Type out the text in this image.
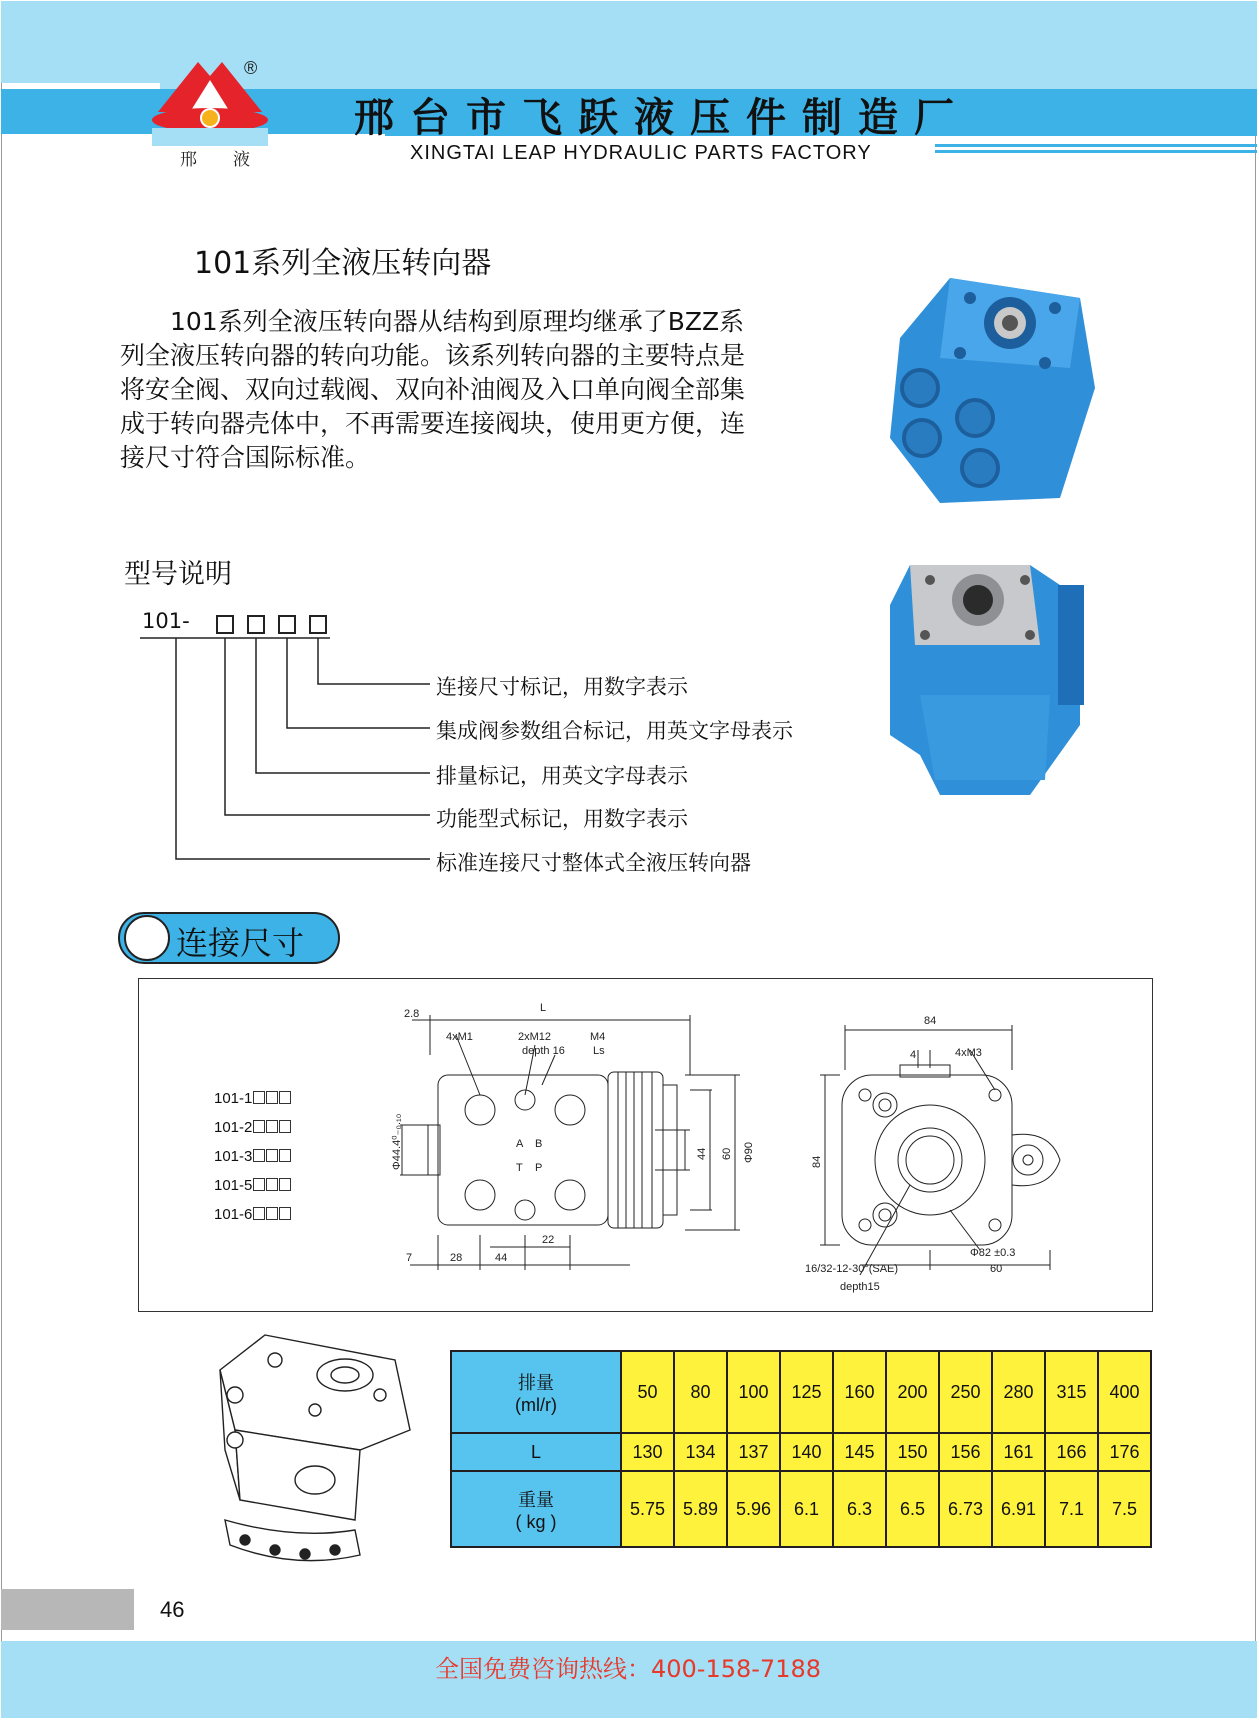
®
邢液
邢台市飞跃液压件制造厂
XINGTAI LEAP HYDRAULIC PARTS FACTORY
101系列全液压转向器

　　101系列全液压转向器从结构到原理均继承了BZZ系

列全液压转向器的转向功能。该系列转向器的主要特点是

将安全阀、双向过载阀、双向补油阀及入口单向阀全部集

成于转向器壳体中，不再需要连接阀块，使用更方便，连

接尺寸符合国际标准。

型号说明
101-
连接尺寸标记，用数字表示
集成阀参数组合标记，用英文字母表示
排量标记，用英文字母表示
功能型式标记，用数字表示
标准连接尺寸整体式全液压转向器
连接尺寸
101-1
101-2
101-3
101-5
101-6
2.8	L
4xM1	2xM12
depth 16
M4
Ls
A B
T P
Φ44.4⁰₋₀.₁₀	44 60 Φ90
22
7	28	44
84
4	4xM3
84
Φ82 ±0.3
16/32-12-30°(SAE)
depth15
60
排量
(ml/r)	50	80	100	125	160	200	250	280	315	400
L	130	134	137	140	145	150	156	161	166	176

重量
( kg )	5.75	5.89	5.96	6.1	6.3	6.5	6.73	6.91	7.1	7.5
46
全国免费咨询热线：400-158-7188
